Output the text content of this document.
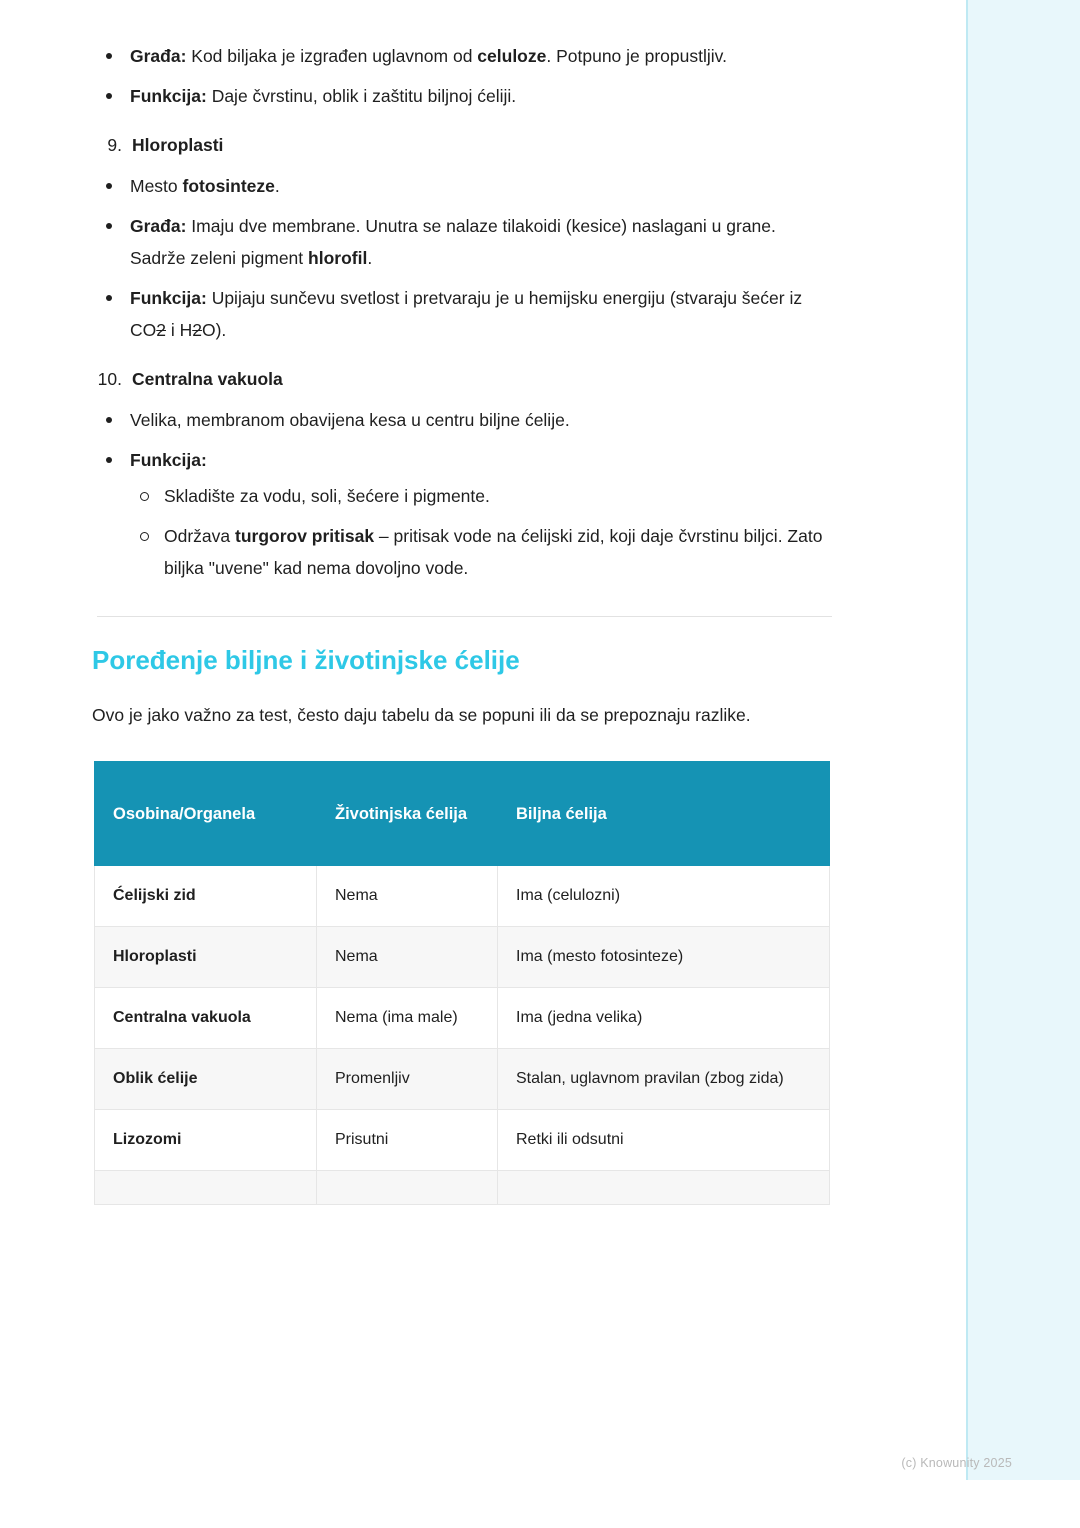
Građa: Kod biljaka je izgrađen uglavnom od celuloze. Potpuno je propustljiv.
Funkcija: Daje čvrstinu, oblik i zaštitu biljnoj ćeliji.
9. Hloroplasti
Mesto fotosinteze.
Građa: Imaju dve membrane. Unutra se nalaze tilakoidi (kesice) naslagani u grane. Sadrže zeleni pigment hlorofil.
Funkcija: Upijaju sunčevu svetlost i pretvaraju je u hemijsku energiju (stvaraju šećer iz CO2 i H2O).
10. Centralna vakuola
Velika, membranom obavijena kesa u centru biljne ćelije.
Funkcija:
Skladište za vodu, soli, šećere i pigmente.
Održava turgorov pritisak – pritisak vode na ćelijski zid, koji daje čvrstinu biljci. Zato biljka "uvene" kad nema dovoljno vode.
Poređenje biljne i životinjske ćelije

Ovo je jako važno za test, često daju tabelu da se popuni ili da se prepoznaju razlike.

Osobina/Organela	Životinjska ćelija	Biljna ćelija
Ćelijski zid	Nema	Ima (celulozni)
Hloroplasti	Nema	Ima (mesto fotosinteze)
Centralna vakuola	Nema (ima male)	Ima (jedna velika)
Oblik ćelije	Promenljiv	Stalan, uglavnom pravilan (zbog zida)
Lizozomi	Prisutni	Retki ili odsutni

(c) Knowunity 2025
